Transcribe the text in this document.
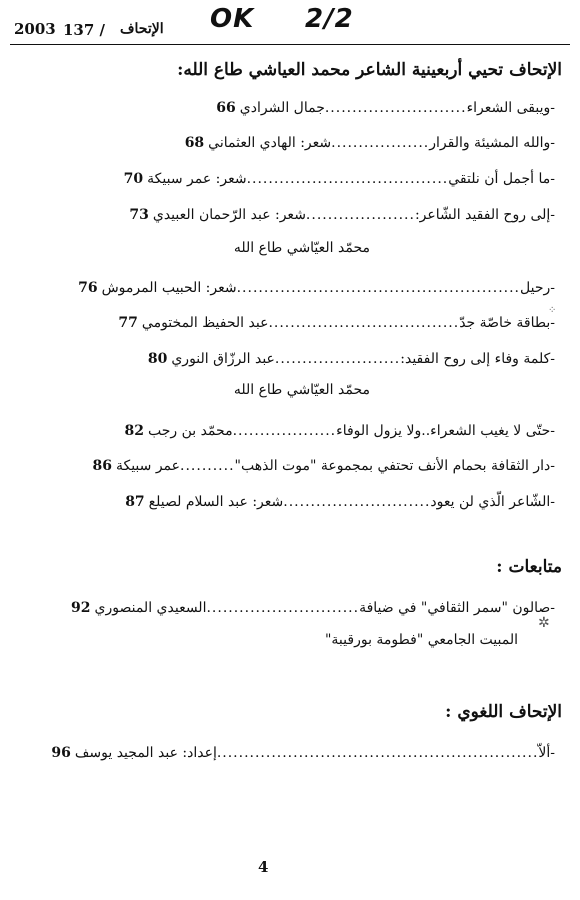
2003 137 / الإتحاف OK 2/2
الإتحاف تحيي أربعينية الشاعر محمد العياشي طاع الله:
-ويبقى الشعراء
..........................
جمال الشرادي
66
-والله المشيئة والقرار
..................
شعر: الهادي العثماني
68
-ما أجمل أن نلتقي
.....................................
شعر: عمر سبيكة
70
-إلى روح الفقيد الشّاعر:
....................
شعر: عبد الرّحمان العبيدي
73
محمّد العيّاشي طاع الله
-رحيل
....................................................
شعر: الحبيب المرموش
76
-بطاقة خاصّة جدّ
...................................
عبد الحفيظ المختومي
77
-كلمة وفاء إلى روح الفقيد:
.......................
عبد الرزّاق النوري
80
محمّد العيّاشي طاع الله
-حتّى لا يغيب الشعراء..ولا يزول الوفاء
...................
محمّد بن رجب
82
-دار الثقافة بحمام الأنف تحتفي بمجموعة "موت الذهب"
..........
عمر سبيكة
86
-الشّاعر الّذي لن يعود
...........................
شعر: عبد السلام لصيلع
87
متابعات :
-صالون "سمر الثقافي" في ضيافة
............................
السعيدي المنصوري
92
المبيت الجامعي "فطومة بورقيبة"
✲
⁘
الإتحاف اللغوي :
-ألاّ
...........................................................
إعداد: عبد المجيد يوسف
96
4
